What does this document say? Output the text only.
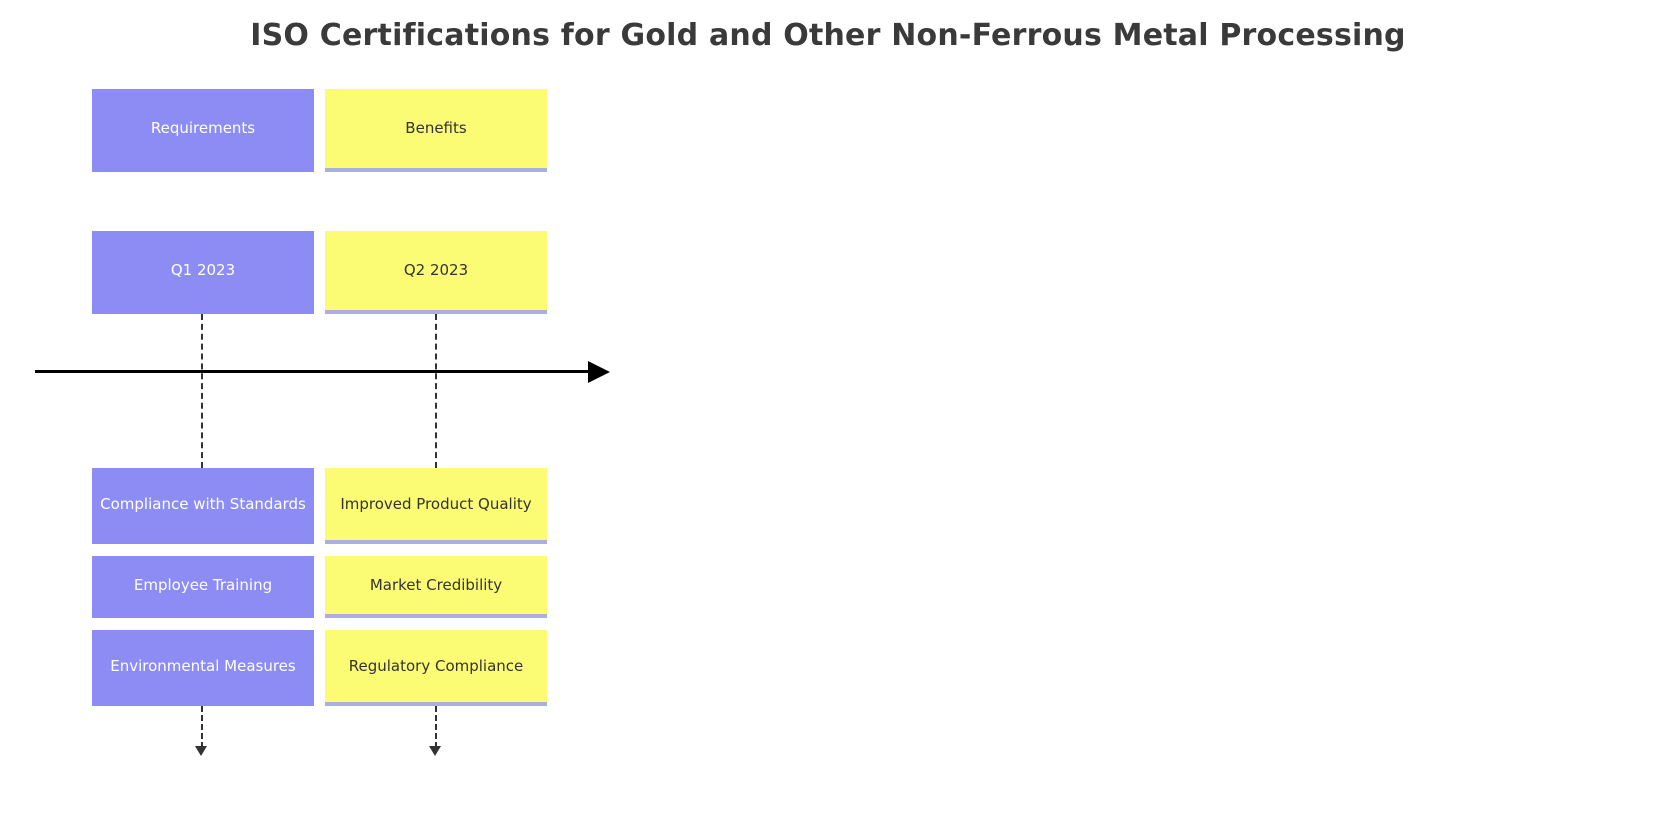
ISO Certifications for Gold and Other Non-Ferrous Metal Processing
Requirements
Q1 2023
Compliance with Standards
Employee Training
Environmental Measures
Benefits
Q2 2023
Improved Product Quality
Market Credibility
Regulatory Compliance
